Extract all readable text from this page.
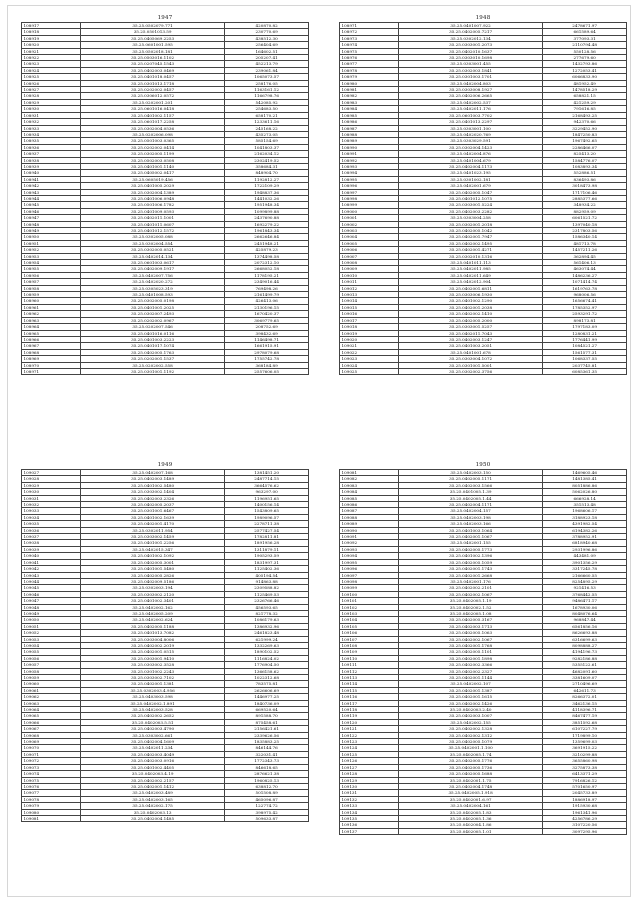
1947
108917	35.25.0502079.771	420870.82
108918	35.25.0501013.59	230770.69
108919	35.25.0405069.2253	438512.30
108920	35.25.0601001.595	256404.69
108921	35.25.0502018.181	164602.51
108922	35.25.0503016.1102	205207.41
108923	35.25.0207045.1543	452213.79
108924	35.25.0402003.0469	239061.84
108925	35.25.0401018.0457	1065073.57
108926	35.25.0301013.1718	258176.05
108927	35.25.0202002.0457	1163161.12
108928	35.25.0306012.0572	1166798.76
108929	35.25.0202001.201	542085.92
108930	35.25.0601016.0418	254683.50
108931	35.25.0401002.1157	658170.21
108932	35.25.0601017.2258	1233611.16
108933	35.25.0302004.0536	245168.22
108934	35.25.0202006.098	435273.05
108935	35.25.0501003.0365	585154.69
108936	35.25.0202002.0414	1041803.37
108937	35.25.0302005.1199	2162034.12
108938	35.25.0502003.0508	2302419.52
108939	35.25.0401001.1140	358684.31
108940	35.25.0405002.0417	848904.70
108941	35.25.0605019.456	1192812.27
108942	35.25.0401005.2029	1722109.29
108943	35.25.0302004.1389	1948837.36
108944	35.25.0401006.0948	1441032.26
108945	35.25.0501006.1782	1951948.34
108946	35.25.0401009.0593	1099899.88
108947	35.25.0402011.1001	2437690.88
108948	35.25.0401011.0607	1692279.22
108949	35.25.0401012.1572	1961843.34
108950	35.25.0302005.088	2662646.84
108951	35.25.0302004.554	2451948.21
108952	35.25.0302005.0521	425879.23
108953	35.25.0402014.134	1374498.58
108954	35.25.0601003.0617	2072312.10
108955	35.25.0402009.1917	2668052.18
108956	35.25.0402007.756	1178195.21
108957	35.25.0402020.272	2349016.44
108958	35.25.0305023.319	769498.26
108959	35.25.0401008.593	2161499.79
108960	35.25.0302005.0198	426413.06
108961	35.25.0401001.2025	2130196.15
108962	35.25.0302007.2493	1670420.37
108963	35.25.0202002.0967	3069779.65
108964	35.25.0202007.546	208752.69
108965	35.25.0401016.0116	398432.69
108966	35.25.0401003.2223	1146498.71
108967	35.25.0401017.1074	1661915.91
108968	35.25.0402005.1763	2978079.68
108969	35.25.0202001.1537	1755742.78
108970	35.25.0202002.558	368184.89
108971	35.25.0301001.1192	2557606.05
1948
108971	35.25.0401007.922	2478671.97
108972	35.25.0402005.7217	661589.64
108973	35.25.0302012.134	377093.31
108974	35.25.0303001.2073	2110794.48
108975	35.25.0402010.1637	550128.56
108976	35.25.0303010.1698	277679.60
108977	35.25.0303001.455	1432793.86
108978	35.25.0302003.1841	1272053.41
108979	35.25.0301003.1701	6066833.90
108980	35.25.0402004.803	481952.49
108981	35.25.0303008.1927	1478518.29
108982	35.25.0402006.2665	658821.15
108983	35.25.0402002.537	421259.29
108984	35.25.0402011.176	791616.85
108985	35.25.0601003.7702	2168493.25
108986	35.25.0401013.2297	942370.66
108987	35.25.0303001.100	3229452.90
108988	35.25.0402020.769	1847250.83
108989	35.25.0303029.591	1967492.65
108990	35.25.0302004.1423	2286466.07
108991	35.25.0402004.876	825413.20
108992	35.25.0401004.679	1584776.07
108993	35.25.0402004.1173	1083893.34
108994	35.25.0401023.195	552886.51
108995	35.25.0301002.181	836493.86
108996	35.25.0402001.679	3018473.98
108997	35.25.0402005.1047	1717106.46
108998	35.25.0401012.1075	2885377.66
108999	35.25.0303001.5224	348934.22
109000	35.25.0402003.2282	882959.09
109001	35.25.0303004.258	6061521.72
109002	35.25.0302001.2018	1397040.18
109003	35.25.0402005.1042	2317803.56
109004	35.25.0402001.7947	1586340.14
109005	35.25.0402002.1495	481713.78
109006	35.25.0402001.4271	1457211.26
109007	35.25.0302010.1316	362894.45
109008	35.25.0401011.113	561406.13
109009	35.25.0402011.985	463074.44
109010	35.25.0402011.649	1486236.27
109011	35.25.0402012.904	1071414.74
109012	35.25.0402001.6811	1619763.78
109013	35.25.0303006.1930	968006.56
109014	35.25.0401002.1290	1656674.41
109015	35.25.0402001.2038	1785352.97
109016	35.25.0402002.1410	2593291.72
109017	35.25.0402005.2000	898173.81
109018	35.25.0303001.5257	1797183.09
109019	35.25.0402011.7043	1280831.21
109020	35.25.0402003.1247	1776441.99
109021	35.25.0401003.2051	1084521.27
109022	35.25.0401001.678	1561577.31
109023	35.25.0303004.1072	1068337.55
109024	35.25.0301001.5001	2037745.81
109025	35.25.0302002.3756	6085361.35
1949
109027	35.25.0402007.168	1381451.20
109028	35.25.0402003.1489	2487714.15
109029	35.25.0401002.5480	3664576.62
109030	35.25.0303002.1404	963297.00
109031	35.25.0402003.2326	1196951.65
109032	35.25.0402005.2037	1400156.14
109033	35.25.0301001.6467	1543809.65
109034	35.25.0401002.1639	1989096.57
109035	35.25.0402001.4170	2278711.38
109036	35.25.0302011.954	2577427.54
109037	35.25.0303002.1459	1782811.81
109038	35.25.0401001.2256	1891956.28
109039	35.25.0402015.347	1311879.11
109040	35.25.0401002.1092	1905293.59
109041	35.25.0402005.3001	1831997.31
109042	35.25.0401001.5480	1125402.36
109043	35.25.0402005.2826	405194.54
109044	35.25.0402009.5186	914863.88
109045	35.25.0302003.194	2309588.82
109046	35.25.0303002.2120	1125469.53
109047	35.25.0401002.3401	2326766.46
109048	35.25.0402002.162	456593.65
109049	35.25.0402005.209	821778.32
109050	35.25.0402002.624	1086179.63
109051	35.25.0402005.1188	1386932.96
109052	35.25.0401013.7082	2461823.48
109053	35.25.0303004.8006	621999.24
109054	35.25.0402002.2019	1332269.63
109055	35.25.0402001.0515	1890102.52
109056	35.25.0303001.9410	1116824.02
109057	35.25.0303002.3528	1776904.50
109058	35.25.0301002.2243	1366158.62
109059	35.25.0303002.7102	1022312.68
109060	35.25.0402001.1381	783575.81
109061	35.25.0302003.4.956	2626606.69
109062	35.25.0403003.598	1446977.25
109063	35.25.0402002.1.891	1840736.09
109064	35.25.0402003.528	669520.64
109065	35.25.0402002.2652	891588.70
109066	35.25.0402003.5.51	875458.61
109067	35.25.0402003.4790	2156421.61
109068	35.25.0303002.661	2339626.56
109069	35.25.0402004.1609	1835883.25
109070	35.25.0402011.234	846144.76
109071	35.25.0402003.4049	322031.41
109072	35.25.0402003.0916	1772343.73
109073	35.25.0401002.4405	846618.65
109074	35.25.0402003.4.19	2876621.38
109075	35.25.0402002.2157	1960825.13
109076	35.25.0402001.1412	638812.70
109077	35.25.0402003.489	501508.89
109078	35.25.0402003.165	465096.87
109079	35.25.0402002.175	122774.72
109080	35.25.0402003.13	398975.42
109081	35.25.0402004.1485	509633.87
1950
109081	35.25.0402003.150	1469605.46
109082	35.25.0402005.1171	1481385.41
109083	35.25.0402003.1566	8051886.86
109084	35.25.0401005.1.39	5062026.80
109085	35.25.0402005.1.44	666928.14
109086	35.25.0402004.1171	351513.48
109087	35.25.0402004.157	1968606.17
109088	35.25.0402003.198	3188923.18
109089	35.25.0402003.166	4391982.54
109090	35.25.0401003.1064	6194382.26
109091	35.25.0402001.1067	3788952.91
109092	35.25.0402001.155	6818940.68
109093	35.25.0402005.1773	2931996.86
109094	35.25.0401002.1396	443481.09
109095	35.25.0402005.1059	3901356.29
109096	35.25.0402001.1743	3317245.78
109097	35.25.0402001.2668	2166660.55
109098	35.25.0402001.176	8254895.29
109099	35.25.0402002.2101	921416.53
109100	35.25.0402002.1067	3768442.55
109101	35.25.0402005.1.19	9486471.17
109102	35.25.0402002.1.52	1678930.06
109103	35.25.0402005.1.08	8048076.64
109104	35.25.0402005.3167	968847.44
109105	35.25.0402003.1713	6561856.16
109106	35.25.0402005.1063	8626693.88
109107	35.25.0402002.1067	6316699.63
109108	35.25.0402001.1768	8098888.27
109109	35.25.0402005.1101	4194196.73
109110	35.25.0402001.1898	9282186.88
109111	35.25.0402002.3366	5355122.61
109112	35.25.0402002.2327	4682091.60
109113	35.25.0402001.1144	3381609.07
109114	35.25.0402002.107	2710496.69
109115	35.25.0402001.1387	642611.73
109116	35.25.0402001.1615	8266372.01
109117	35.25.0402002.1426	3462136.15
109118	35.25.0402003.2.40	4118396.71
109119	35.25.0402003.1007	8467477.19
109120	35.25.0402002.155	3851592.68
109121	35.25.0402002.1328	6107227.79
109122	35.25.0402002.1312	1719899.10
109123	35.25.0402005.1079	1359699.03
109124	35.25.0402001.1.100	3691915.22
109125	35.25.0402005.1.74	3210299.88
109126	35.25.0402005.1776	3655860.98
109127	35.25.0402005.1736	3275873.38
109128	35.25.0402005.1688	6413371.29
109129	35.25.0402001.1.75	7916826.12
109130	35.25.0402004.1748	5701650.97
109131	35.25.0402005.1.918	2045733.89
109132	35.25.0402001.6.97	1886918.97
109133	35.25.0402004.161	1915930.68
109134	35.25.0402005.1.83	1961341.96
109135	35.25.0402005.1.36	4256786.29
109136	35.25.0402004.1.86	3107220.56
109137	35.25.0402005.1.01	3097295.96
